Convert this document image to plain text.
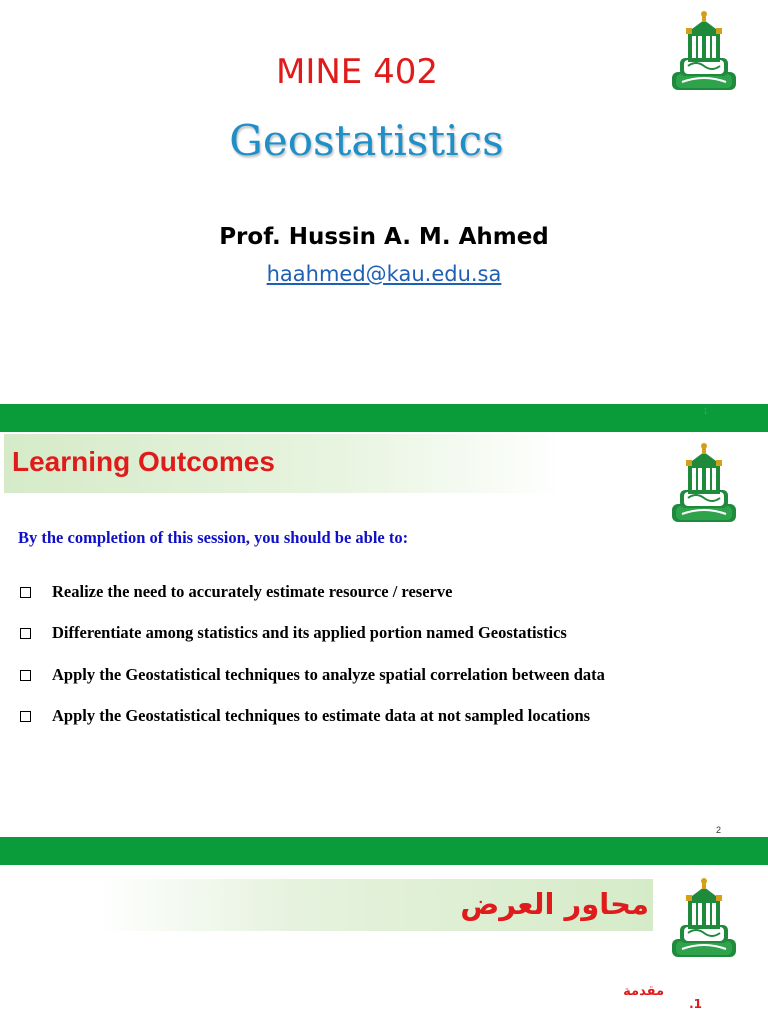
MINE 402
Geostatistics
Prof. Hussin A. M. Ahmed
haahmed@kau.edu.sa
1
Learning Outcomes
By the completion of this session, you should be able to:
Realize the need to accurately estimate resource / reserve
Differentiate among statistics and its applied portion named Geostatistics
Apply the Geostatistical techniques to analyze spatial correlation between data
Apply the Geostatistical techniques to estimate data at not sampled locations
2
محاور العرض
مقدمة
.1
